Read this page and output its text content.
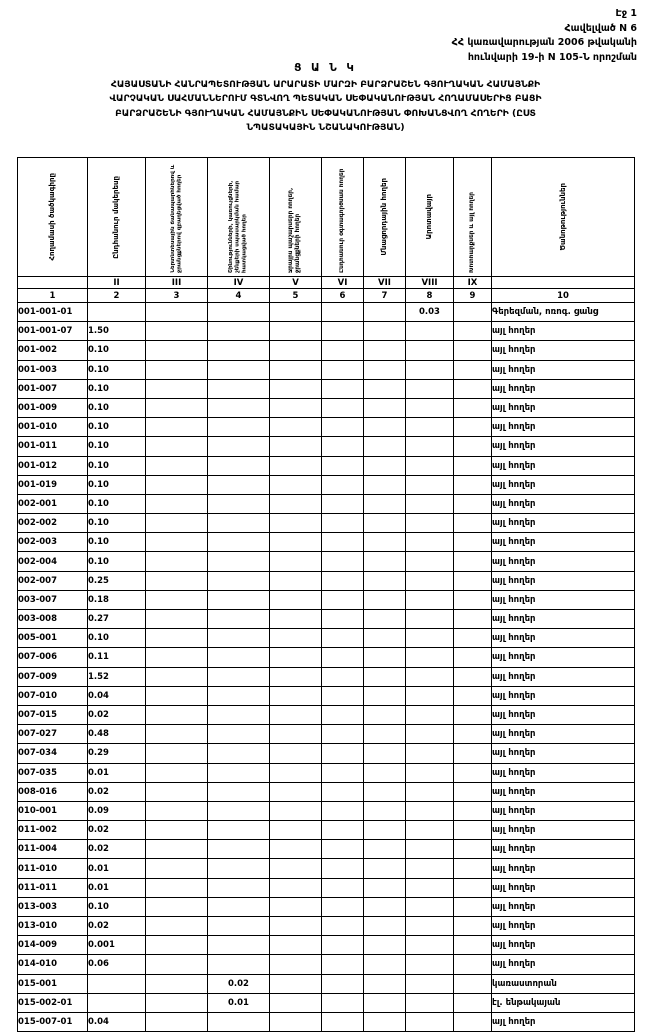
Էջ 1
Հավելված N 6
ՀՀ կառավարության 2006 թվականի
հունվարի 19-ի N 105-Ն որոշման
Ց Ա Ն Կ
ՀԱՅԱՍՏԱՆԻ ՀԱՆՐԱՊԵՏՈՒԹՅԱՆ ԱՐԱՐԱՏԻ ՄԱՐԶԻ ԲԱՐՁՐԱՇԵՆ ԳՅՈՒՂԱԿԱՆ ՀԱՄԱՅՆՔԻ
ՎԱՐՉԱԿԱՆ ՍԱՀՄԱՆՆԵՐՈՒՄ ԳՏՆՎՈՂ ՊԵՏԱԿԱՆ ՍԵՓԱԿԱՆՈՒԹՅԱՆ ՀՈՂԱՄԱՍԵՐԻՑ ԲԱՑԻ
ԲԱՐՁՐԱՇԵՆԻ ԳՅՈՒՂԱԿԱՆ ՀԱՄԱՅՆՔԻՆ ՍԵՓԱԿԱՆՈՒԹՅԱՆ ՓՈԽԱՆՑՎՈՂ ՀՈՂԵՐԻ (ԸՍՏ
ՆՊԱՏԱԿԱՅԻՆ ՆՇԱՆԱԿՈՒԹՅԱՆ)
Հողամասի ծածկագիրը	Ընդհանուր մակերեսը	Ներտնտեսային ճանապարհներով և ջրանցքներով զբաղեցված հողեր	Շինությունների, կառույցների, շենքերի սպասարկման համար հատկացված հողեր	Ջրային պաշարների հողեր, ջրանցքների հողեր	Ընդհանուր օգտագործման հողեր	Մնացորդային հողեր	Արոտավայր	Խոտհարքներ և այլ հողեր	Ծանոթություններ

	II	III	IV	V	VI	VII	VIII	IX	
1	2	3	4	5	6	7	8	9	10
001-001-01							0.03		Գերեզման, ոռոգ. ցանց
001-001-07	1.50								այլ հողեր
001-002	0.10								այլ հողեր
001-003	0.10								այլ հողեր
001-007	0.10								այլ հողեր
001-009	0.10								այլ հողեր
001-010	0.10								այլ հողեր
001-011	0.10								այլ հողեր
001-012	0.10								այլ հողեր
001-019	0.10								այլ հողեր
002-001	0.10								այլ հողեր
002-002	0.10								այլ հողեր
002-003	0.10								այլ հողեր
002-004	0.10								այլ հողեր
002-007	0.25								այլ հողեր
003-007	0.18								այլ հողեր
003-008	0.27								այլ հողեր
005-001	0.10								այլ հողեր
007-006	0.11								այլ հողեր
007-009	1.52								այլ հողեր
007-010	0.04								այլ հողեր
007-015	0.02								այլ հողեր
007-027	0.48								այլ հողեր
007-034	0.29								այլ հողեր
007-035	0.01								այլ հողեր
008-016	0.02								այլ հողեր
010-001	0.09								այլ հողեր
011-002	0.02								այլ հողեր
011-004	0.02								այլ հողեր
011-010	0.01								այլ հողեր
011-011	0.01								այլ հողեր
013-003	0.10								այլ հողեր
013-010	0.02								այլ հողեր
014-009	0.001								այլ հողեր
014-010	0.06								այլ հողեր
015-001			0.02						կառաստորան
015-002-01			0.01						էլ. ենթակայան
015-007-01	0.04								այլ հողեր
